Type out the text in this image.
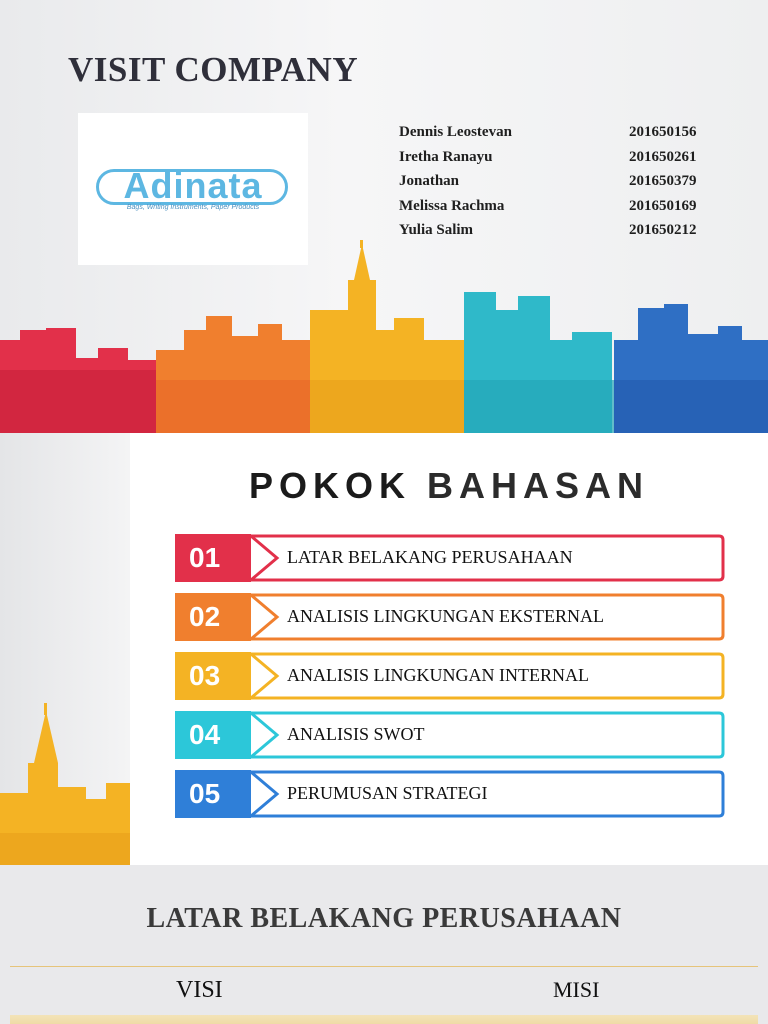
VISIT COMPANY
Adinata
Bags, Writing Instruments, Paper Products
Dennis Leostevan	201650156
Iretha Ranayu	201650261
Jonathan	201650379
Melissa Rachma	201650169
Yulia Salim	201650212
POKOK BAHASAN
01	LATAR BELAKANG PERUSAHAAN
02	ANALISIS LINGKUNGAN EKSTERNAL
03	ANALISIS LINGKUNGAN INTERNAL
04	ANALISIS SWOT
05	PERUMUSAN STRATEGI
LATAR BELAKANG PERUSAHAAN
VISI	MISI
